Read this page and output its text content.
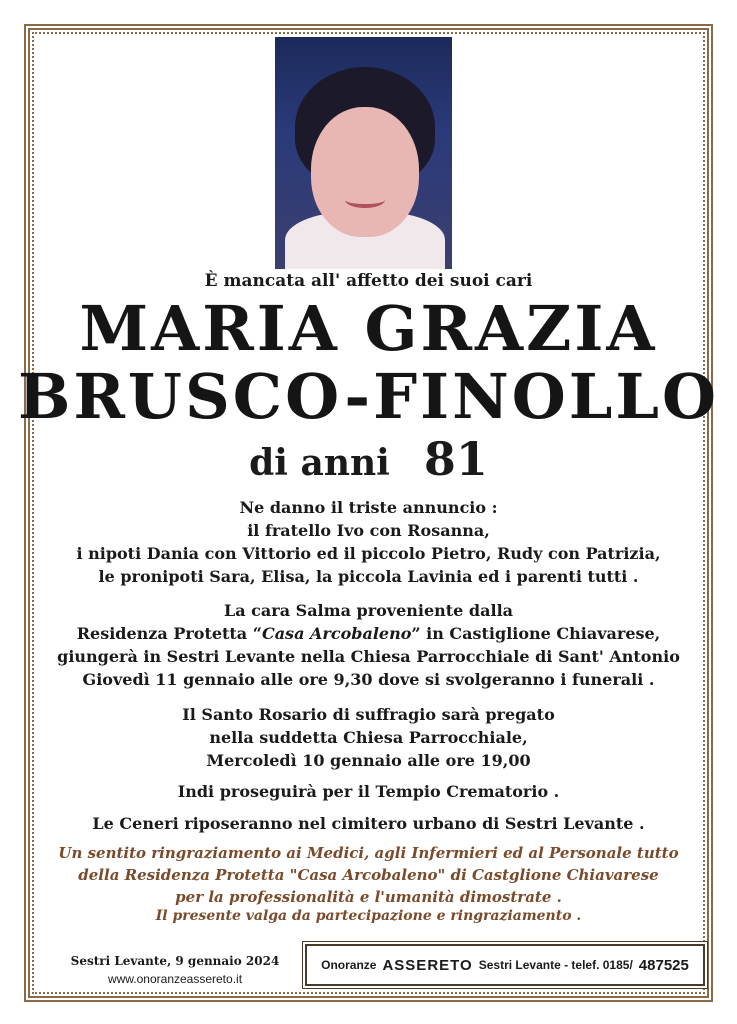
È mancata all' affetto dei suoi cari
MARIA GRAZIA
BRUSCO-FINOLLO
di anni 81
Ne danno il triste annuncio :
il fratello Ivo con Rosanna,
i nipoti Dania con Vittorio ed il piccolo Pietro, Rudy con Patrizia,
le pronipoti Sara, Elisa, la piccola Lavinia ed i parenti tutti .
La cara Salma proveniente dalla
Residenza Protetta “Casa Arcobaleno” in Castiglione Chiavarese,
giungerà in Sestri Levante nella Chiesa Parrocchiale di Sant' Antonio
Giovedì 11 gennaio alle ore 9,30 dove si svolgeranno i funerali .
Il Santo Rosario di suffragio sarà pregato
nella suddetta Chiesa Parrocchiale,
Mercoledì 10 gennaio alle ore 19,00
Indi proseguirà per il Tempio Crematorio .
Le Ceneri riposeranno nel cimitero urbano di Sestri Levante .
Un sentito ringraziamento ai Medici, agli Infermieri ed al Personale tutto
della Residenza Protetta "Casa Arcobaleno" di Castglione Chiavarese
per la professionalità e l'umanità dimostrate .
Il presente valga da partecipazione e ringraziamento .
Sestri Levante, 9 gennaio 2024
www.onoranzeassereto.it
Onoranze ASSERETO Sestri Levante - telef. 0185/ 487525
